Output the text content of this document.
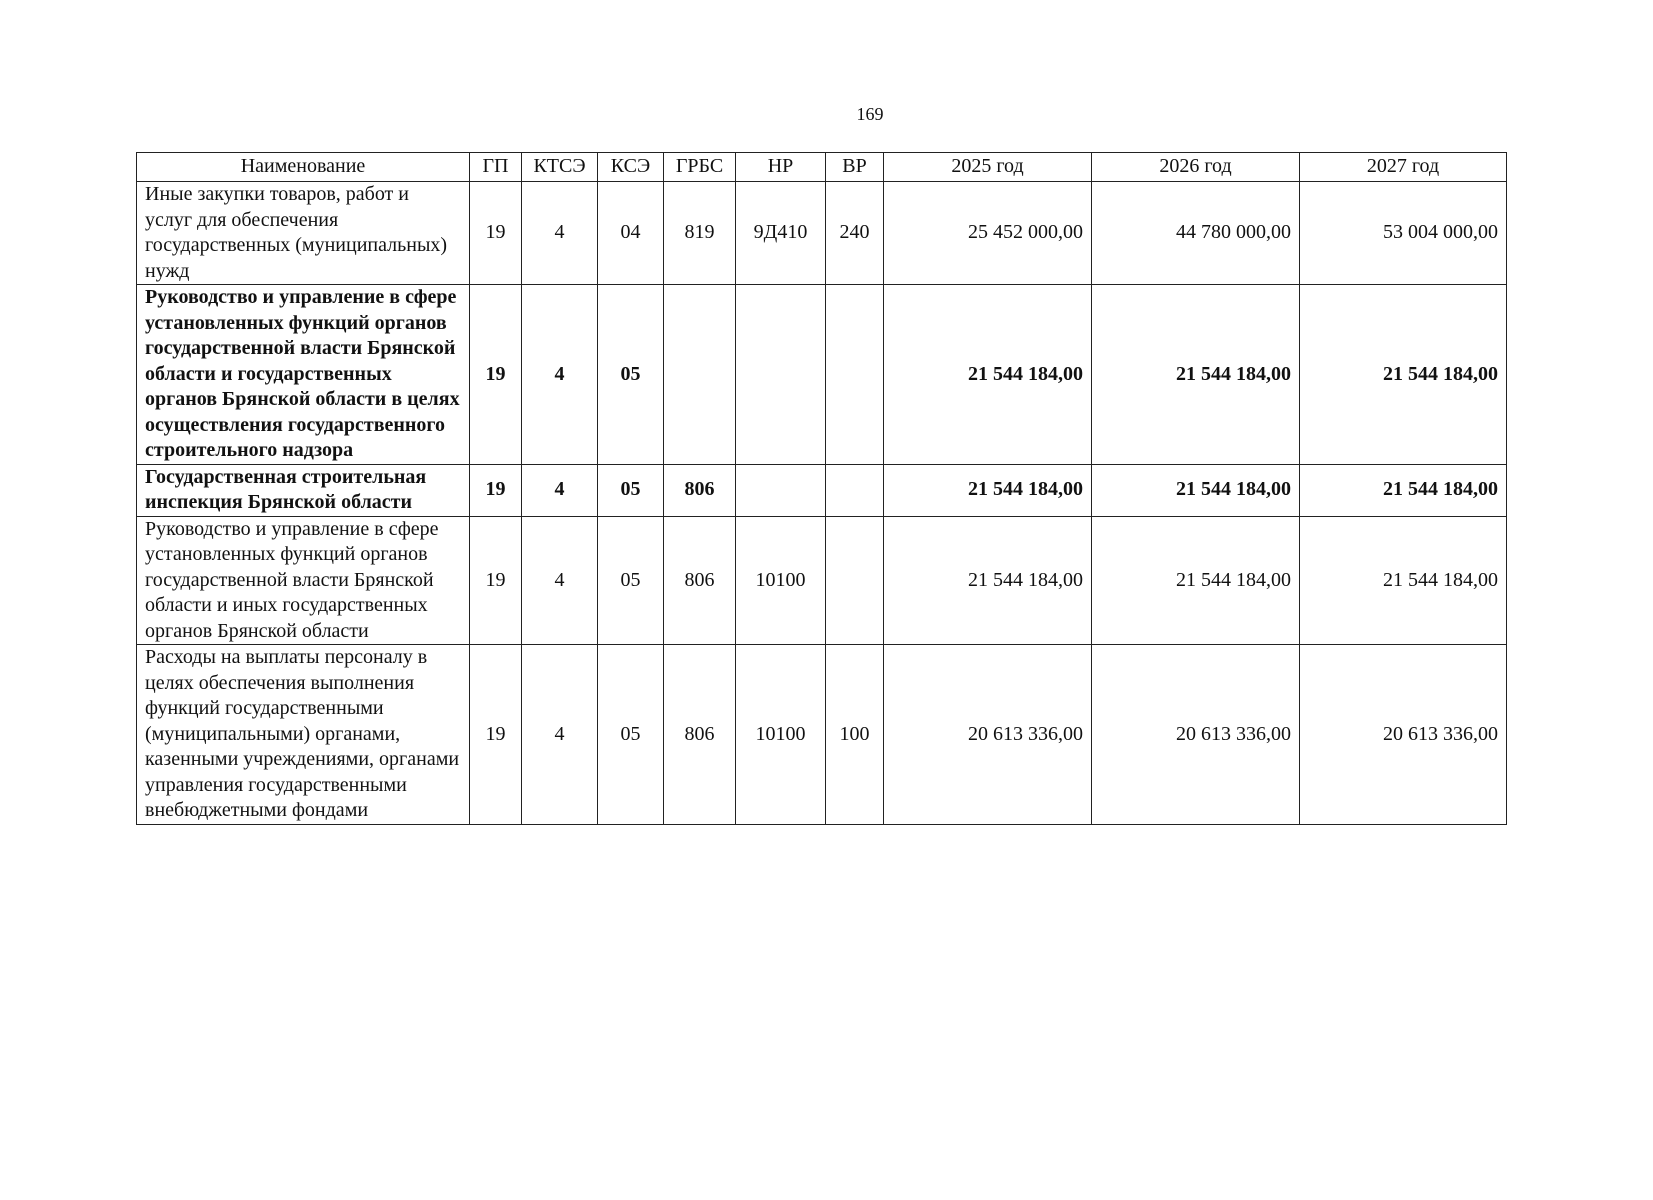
169
Наименование	ГП	КТСЭ	КСЭ	ГРБС	НР	ВР	2025 год	2026 год	2027 год
Иные закупки товаров, работ и услуг для обеспечения государственных (муниципальных) нужд	19	4	04	819	9Д410	240	25 452 000,00	44 780 000,00	53 004 000,00
Руководство и управление в сфере установленных функций органов государственной власти Брянской области и государственных органов Брянской области в целях осуществления государственного строительного надзора	19	4	05				21 544 184,00	21 544 184,00	21 544 184,00
Государственная строительная инспекция Брянской области	19	4	05	806			21 544 184,00	21 544 184,00	21 544 184,00
Руководство и управление в сфере установленных функций органов государственной власти Брянской области и иных государственных органов Брянской области	19	4	05	806	10100		21 544 184,00	21 544 184,00	21 544 184,00
Расходы на выплаты персоналу в целях обеспечения выполнения функций государственными (муниципальными) органами, казенными учреждениями, органами управления государственными внебюджетными фондами	19	4	05	806	10100	100	20 613 336,00	20 613 336,00	20 613 336,00
